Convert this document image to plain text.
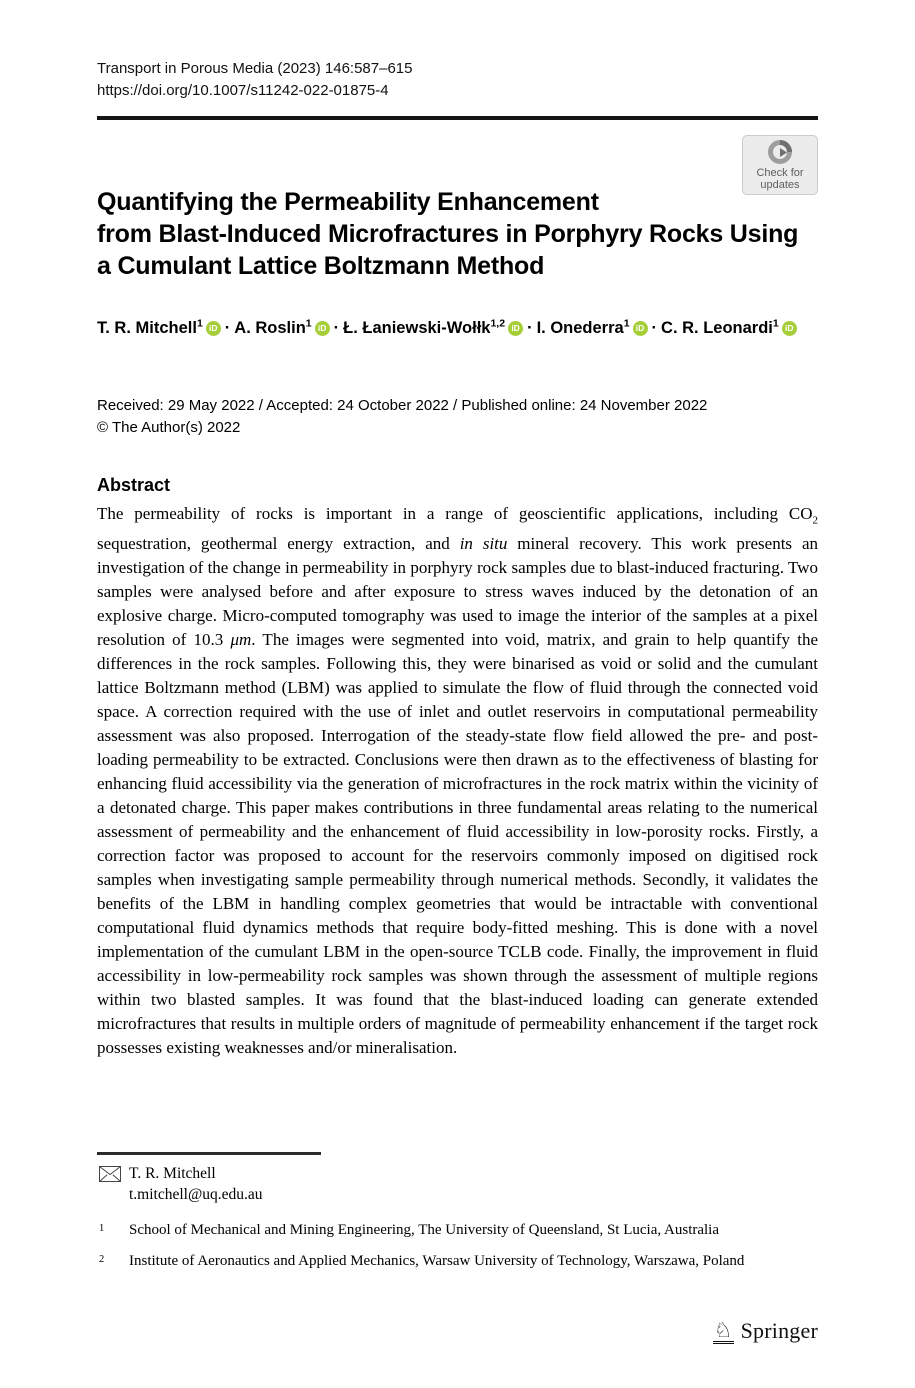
Transport in Porous Media (2023) 146:587–615
https://doi.org/10.1007/s11242-022-01875-4
Check for
updates
Quantifying the Permeability Enhancement
from Blast-Induced Microfractures in Porphyry Rocks Using
a Cumulant Lattice Boltzmann Method
T. R. Mitchell$^1$ iD · A. Roslin$^1$ iD · Ł. Łaniewski-Wołłk$^{1,2}$ iD · I. Onederra$^1$ iD · C. R. Leonardi$^1$ iD
Received: 29 May 2022 / Accepted: 24 October 2022 / Published online: 24 November 2022
© The Author(s) 2022
Abstract

The permeability of rocks is important in a range of geoscientific applications, including $CO_2$ sequestration, geothermal energy extraction, and in situ mineral recovery. This work presents an investigation of the change in permeability in porphyry rock samples due to blast-induced fracturing. Two samples were analysed before and after exposure to stress waves induced by the detonation of an explosive charge. Micro-computed tomography was used to image the interior of the samples at a pixel resolution of 10.3 μm. The images were segmented into void, matrix, and grain to help quantify the differences in the rock samples. Following this, they were binarised as void or solid and the cumulant lattice Boltzmann method (LBM) was applied to simulate the flow of fluid through the connected void space. A correction required with the use of inlet and outlet reservoirs in computational permeability assessment was also proposed. Interrogation of the steady-state flow field allowed the pre- and post-loading permeability to be extracted. Conclusions were then drawn as to the effectiveness of blasting for enhancing fluid accessibility via the generation of microfractures in the rock matrix within the vicinity of a detonated charge. This paper makes contributions in three fundamental areas relating to the numerical assessment of permeability and the enhancement of fluid accessibility in low-porosity rocks. Firstly, a correction factor was proposed to account for the reservoirs commonly imposed on digitised rock samples when investigating sample permeability through numerical methods. Secondly, it validates the benefits of the LBM in handling complex geometries that would be intractable with conventional computational fluid dynamics methods that require body-fitted meshing. This is done with a novel implementation of the cumulant LBM in the open-source TCLB code. Finally, the improvement in fluid accessibility in low-permeability rock samples was shown through the assessment of multiple regions within two blasted samples. It was found that the blast-induced loading can generate extended microfractures that results in multiple orders of magnitude of permeability enhancement if the target rock possesses existing weaknesses and/or mineralisation.

T. R. Mitchell
t.mitchell@uq.edu.au
1 School of Mechanical and Mining Engineering, The University of Queensland, St Lucia, Australia
2 Institute of Aeronautics and Applied Mechanics, Warsaw University of Technology, Warszawa, Poland
♘ Springer
